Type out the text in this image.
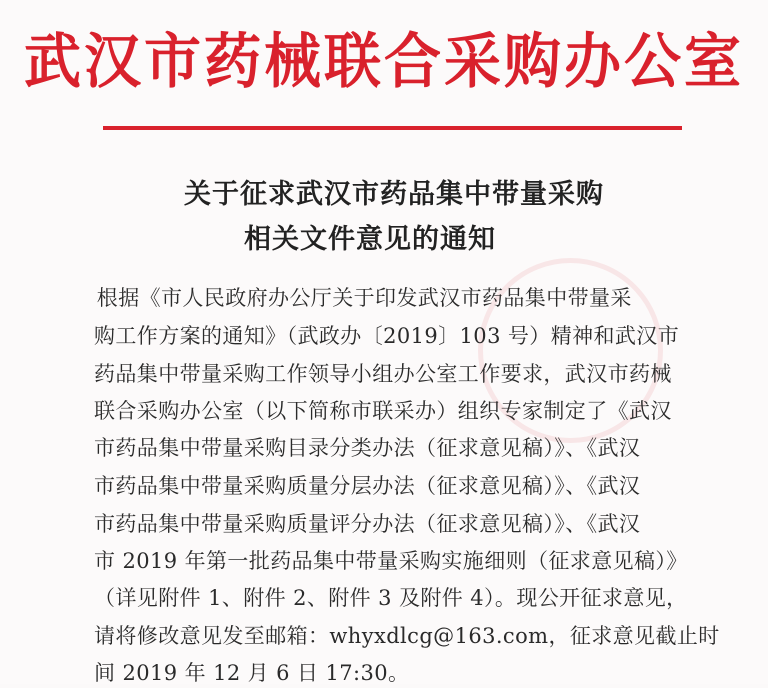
武汉市药械联合采购办公室
关于征求武汉市药品集中带量采购
相关文件意见的通知
　　根据《市人民政府办公厅关于印发武汉市药品集中带量采
购工作方案的通知》（武政办〔2019〕103 号）精神和武汉市
药品集中带量采购工作领导小组办公室工作要求，武汉市药械
联合采购办公室（以下简称市联采办）组织专家制定了《武汉
市药品集中带量采购目录分类办法（征求意见稿）》、《武汉
市药品集中带量采购质量分层办法（征求意见稿）》、《武汉
市药品集中带量采购质量评分办法（征求意见稿）》、《武汉
市 2019 年第一批药品集中带量采购实施细则（征求意见稿）》
（详见附件 1、附件 2、附件 3 及附件 4）。现公开征求意见，
请将修改意见发至邮箱：whyxdlcg@163.com，征求意见截止时
间 2019 年 12 月 6 日 17:30。
